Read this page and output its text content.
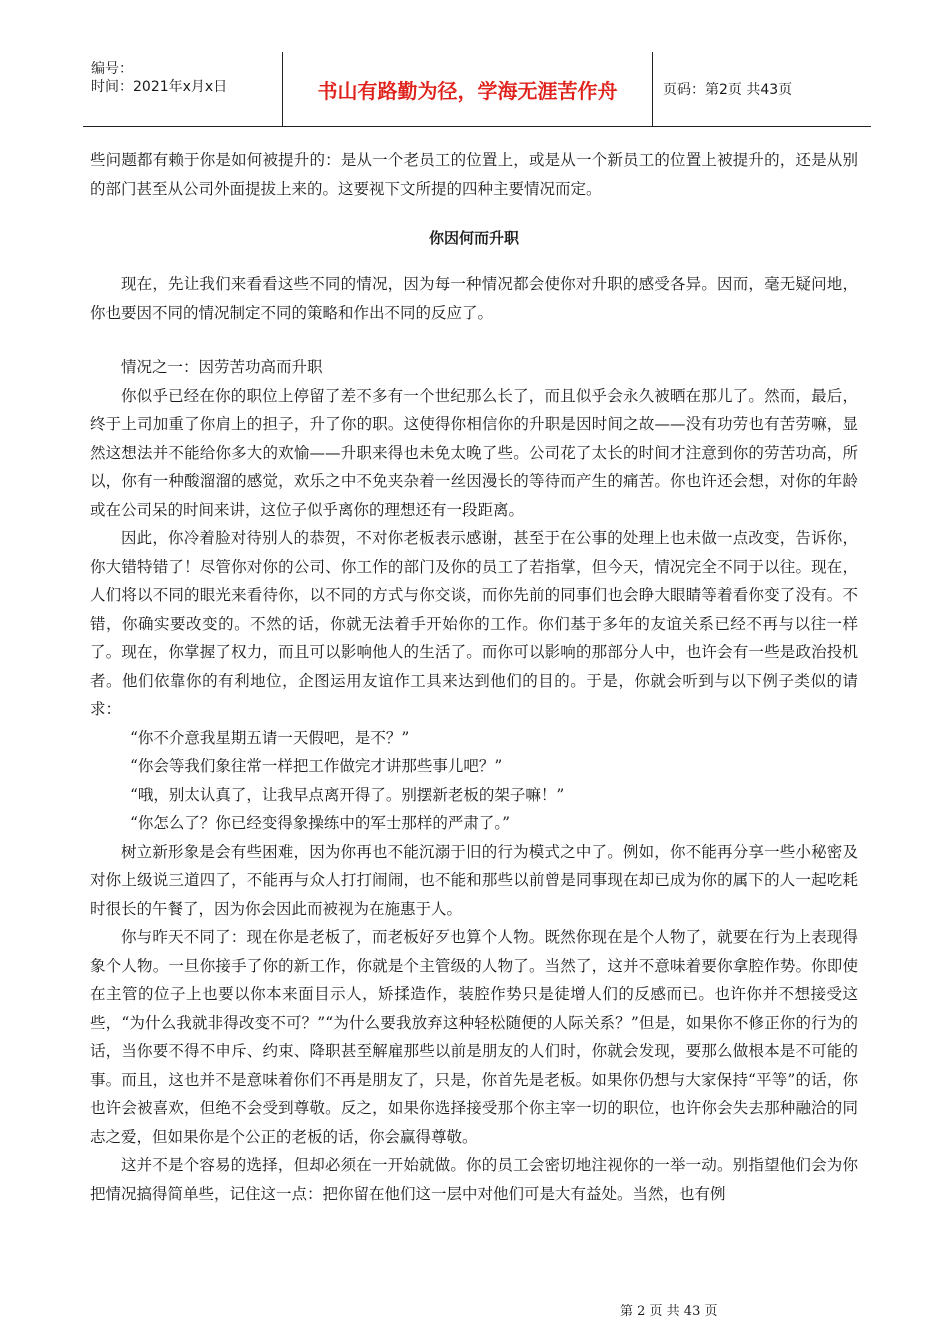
编号：
时间：2021年x月x日	书山有路勤为径，学海无涯苦作舟	页码：第2页 共43页

些问题都有赖于你是如何被提升的：是从一个老员工的位置上，或是从一个新员工的位置上被提升的，还是从别的部门甚至从公司外面提拔上来的。这要视下文所提的四种主要情况而定。

你因何而升职

现在，先让我们来看看这些不同的情况，因为每一种情况都会使你对升职的感受各异。因而，毫无疑问地，你也要因不同的情况制定不同的策略和作出不同的反应了。

情况之一：因劳苦功高而升职

你似乎已经在你的职位上停留了差不多有一个世纪那么长了，而且似乎会永久被晒在那儿了。然而，最后，终于上司加重了你肩上的担子，升了你的职。这使得你相信你的升职是因时间之故——没有功劳也有苦劳嘛，显然这想法并不能给你多大的欢愉——升职来得也未免太晚了些。公司花了太长的时间才注意到你的劳苦功高，所以，你有一种酸溜溜的感觉，欢乐之中不免夹杂着一丝因漫长的等待而产生的痛苦。你也许还会想，对你的年龄或在公司呆的时间来讲，这位子似乎离你的理想还有一段距离。

因此，你冷着脸对待别人的恭贺，不对你老板表示感谢，甚至于在公事的处理上也未做一点改变，告诉你，你大错特错了！尽管你对你的公司、你工作的部门及你的员工了若指掌，但今天，情况完全不同于以往。现在，人们将以不同的眼光来看待你，以不同的方式与你交谈，而你先前的同事们也会睁大眼睛等着看你变了没有。不错，你确实要改变的。不然的话，你就无法着手开始你的工作。你们基于多年的友谊关系已经不再与以往一样了。现在，你掌握了权力，而且可以影响他人的生活了。而你可以影响的那部分人中，也许会有一些是政治投机者。他们依靠你的有利地位，企图运用友谊作工具来达到他们的目的。于是，你就会听到与以下例子类似的请求：

“你不介意我星期五请一天假吧，是不？”

“你会等我们象往常一样把工作做完才讲那些事儿吧？”

“哦，别太认真了，让我早点离开得了。别摆新老板的架子嘛！”

“你怎么了？你已经变得象操练中的军士那样的严肃了。”

树立新形象是会有些困难，因为你再也不能沉溺于旧的行为模式之中了。例如，你不能再分享一些小秘密及对你上级说三道四了，不能再与众人打打闹闹，也不能和那些以前曾是同事现在却已成为你的属下的人一起吃耗时很长的午餐了，因为你会因此而被视为在施惠于人。

你与昨天不同了：现在你是老板了，而老板好歹也算个人物。既然你现在是个人物了，就要在行为上表现得象个人物。一旦你接手了你的新工作，你就是个主管级的人物了。当然了，这并不意味着要你拿腔作势。你即使在主管的位子上也要以你本来面目示人，矫揉造作，装腔作势只是徒增人们的反感而已。也许你并不想接受这些，“为什么我就非得改变不可？”“为什么要我放弃这种轻松随便的人际关系？”但是，如果你不修正你的行为的话，当你要不得不申斥、约束、降职甚至解雇那些以前是朋友的人们时，你就会发现，要那么做根本是不可能的事。而且，这也并不是意味着你们不再是朋友了，只是，你首先是老板。如果你仍想与大家保持“平等”的话，你也许会被喜欢，但绝不会受到尊敬。反之，如果你选择接受那个你主宰一切的职位，也许你会失去那种融洽的同志之爱，但如果你是个公正的老板的话，你会赢得尊敬。

这并不是个容易的选择，但却必须在一开始就做。你的员工会密切地注视你的一举一动。别指望他们会为你把情况搞得简单些，记住这一点：把你留在他们这一层中对他们可是大有益处。当然，也有例

第 2 页 共 43 页
